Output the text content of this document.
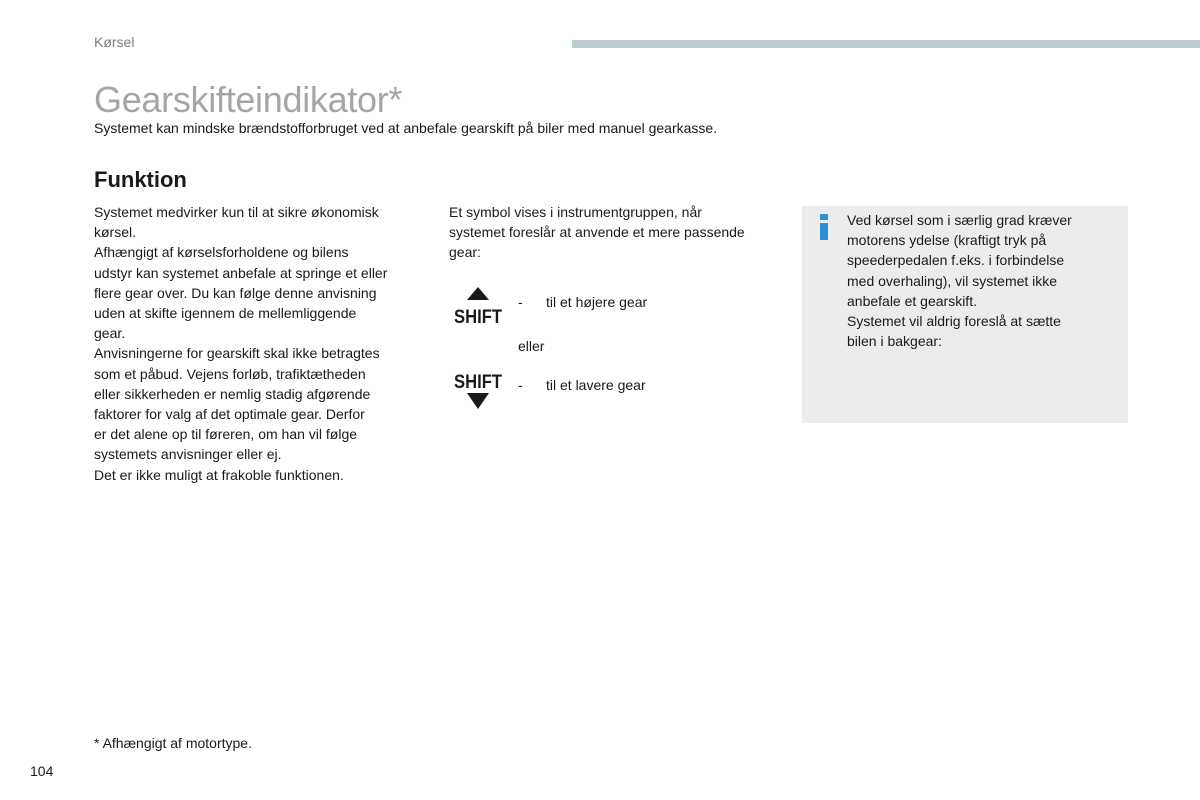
Kørsel
Gearskifteindikator*

Systemet kan mindske brændstofforbruget ved at anbefale gearskift på biler med manuel gearkasse.

Funktion

Systemet medvirker kun til at sikre økonomisk

kørsel.

Afhængigt af kørselsforholdene og bilens

udstyr kan systemet anbefale at springe et eller

flere gear over. Du kan følge denne anvisning

uden at skifte igennem de mellemliggende

gear.

Anvisningerne for gearskift skal ikke betragtes

som et påbud. Vejens forløb, trafiktætheden

eller sikkerheden er nemlig stadig afgørende

faktorer for valg af det optimale gear. Derfor

er det alene op til føreren, om han vil følge

systemets anvisninger eller ej.

Det er ikke muligt at frakoble funktionen.

Et symbol vises i instrumentgruppen, når

systemet foreslår at anvende et mere passende

gear:

SHIFT
- til et højere gear
eller
SHIFT - til et lavere gear

Ved kørsel som i særlig grad kræver

motorens ydelse (kraftigt tryk på

speederpedalen f.eks. i forbindelse

med overhaling), vil systemet ikke

anbefale et gearskift.

Systemet vil aldrig foreslå at sætte

bilen i bakgear:

* Afhængigt af motortype.
104
